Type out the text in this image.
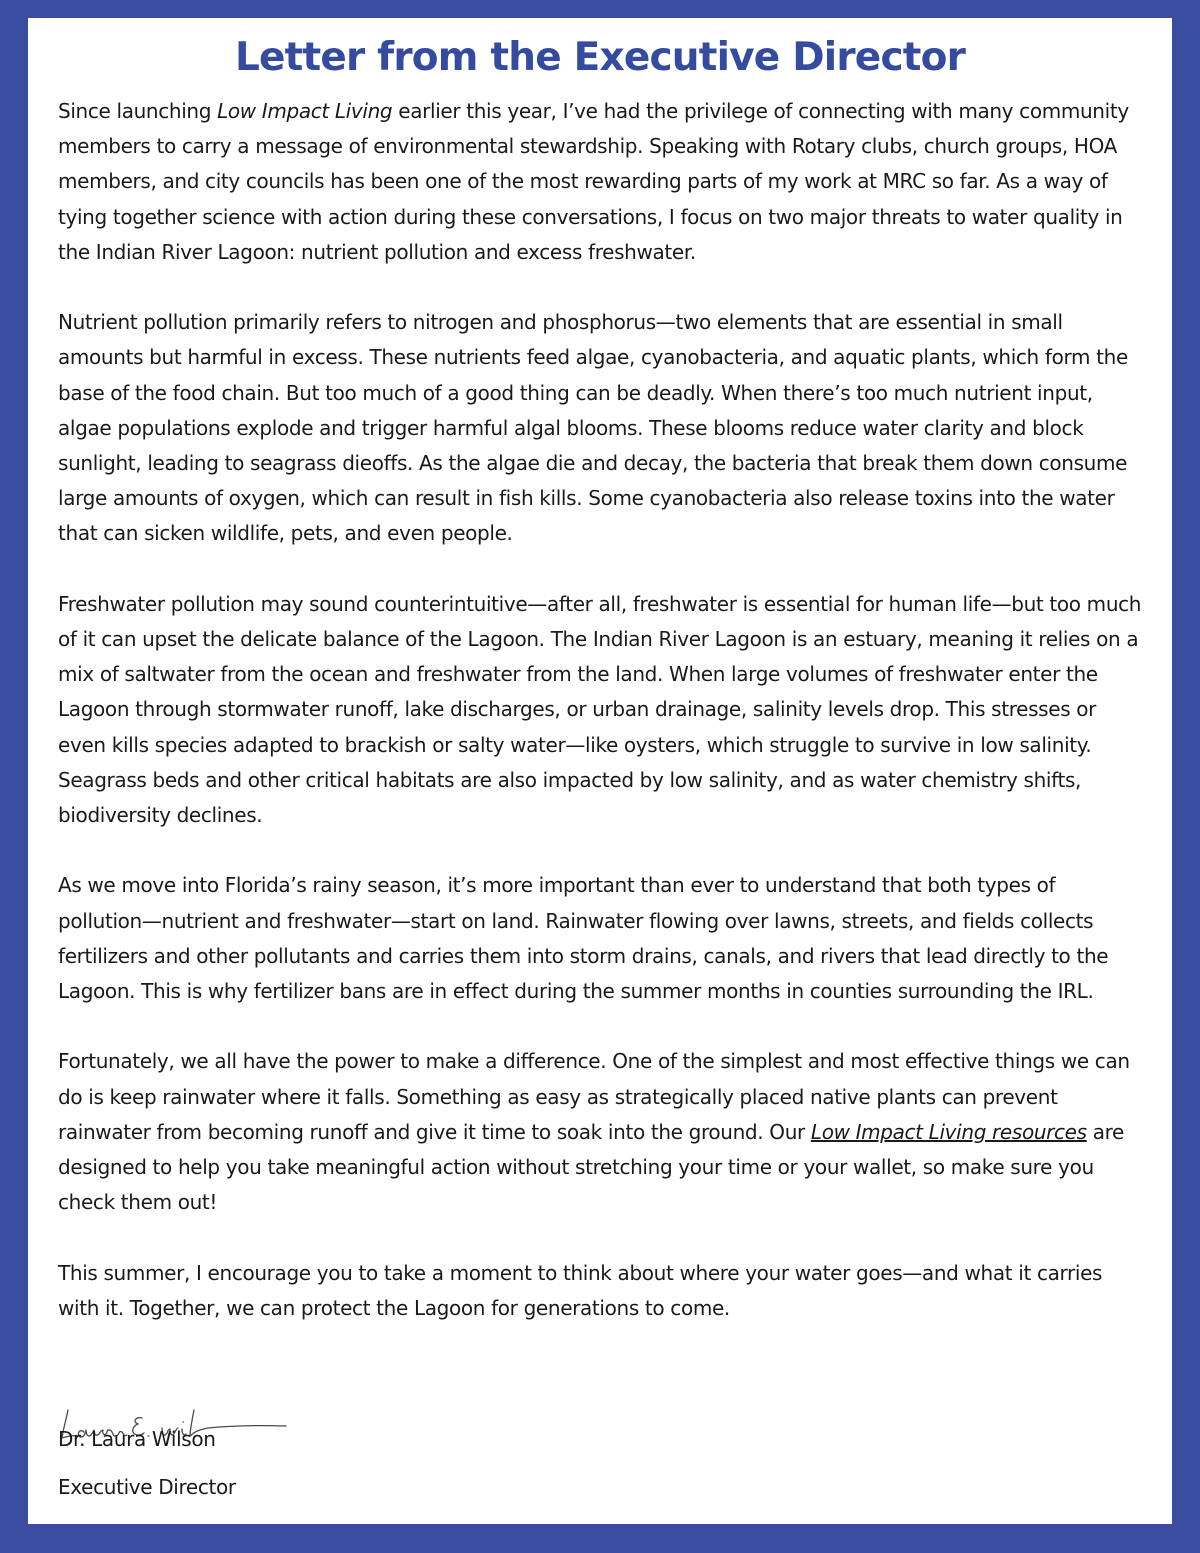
Letter from the Executive Director

Since launching Low Impact Living earlier this year, I’ve had the privilege of connecting with many community members to carry a message of environmental stewardship. Speaking with Rotary clubs, church groups, HOA members, and city councils has been one of the most rewarding parts of my work at MRC so far. As a way of tying together science with action during these conversations, I focus on two major threats to water quality in the Indian River Lagoon: nutrient pollution and excess freshwater.

Nutrient pollution primarily refers to nitrogen and phosphorus—two elements that are essential in small amounts but harmful in excess. These nutrients feed algae, cyanobacteria, and aquatic plants, which form the base of the food chain. But too much of a good thing can be deadly. When there’s too much nutrient input, algae populations explode and trigger harmful algal blooms. These blooms reduce water clarity and block sunlight, leading to seagrass dieoffs. As the algae die and decay, the bacteria that break them down consume large amounts of oxygen, which can result in fish kills. Some cyanobacteria also release toxins into the water that can sicken wildlife, pets, and even people.

Freshwater pollution may sound counterintuitive—after all, freshwater is essential for human life—but too much of it can upset the delicate balance of the Lagoon. The Indian River Lagoon is an estuary, meaning it relies on a mix of saltwater from the ocean and freshwater from the land. When large volumes of freshwater enter the Lagoon through stormwater runoff, lake discharges, or urban drainage, salinity levels drop. This stresses or even kills species adapted to brackish or salty water—like oysters, which struggle to survive in low salinity. Seagrass beds and other critical habitats are also impacted by low salinity, and as water chemistry shifts, biodiversity declines.

As we move into Florida’s rainy season, it’s more important than ever to understand that both types of pollution—nutrient and freshwater—start on land. Rainwater flowing over lawns, streets, and fields collects fertilizers and other pollutants and carries them into storm drains, canals, and rivers that lead directly to the Lagoon. This is why fertilizer bans are in effect during the summer months in counties surrounding the IRL.

Fortunately, we all have the power to make a difference. One of the simplest and most effective things we can do is keep rainwater where it falls. Something as easy as strategically placed native plants can prevent rainwater from becoming runoff and give it time to soak into the ground. Our Low Impact Living resources are designed to help you take meaningful action without stretching your time or your wallet, so make sure you check them out!

This summer, I encourage you to take a moment to think about where your water goes—and what it carries with it. Together, we can protect the Lagoon for generations to come.

Dr. Laura Wilson
Executive Director
